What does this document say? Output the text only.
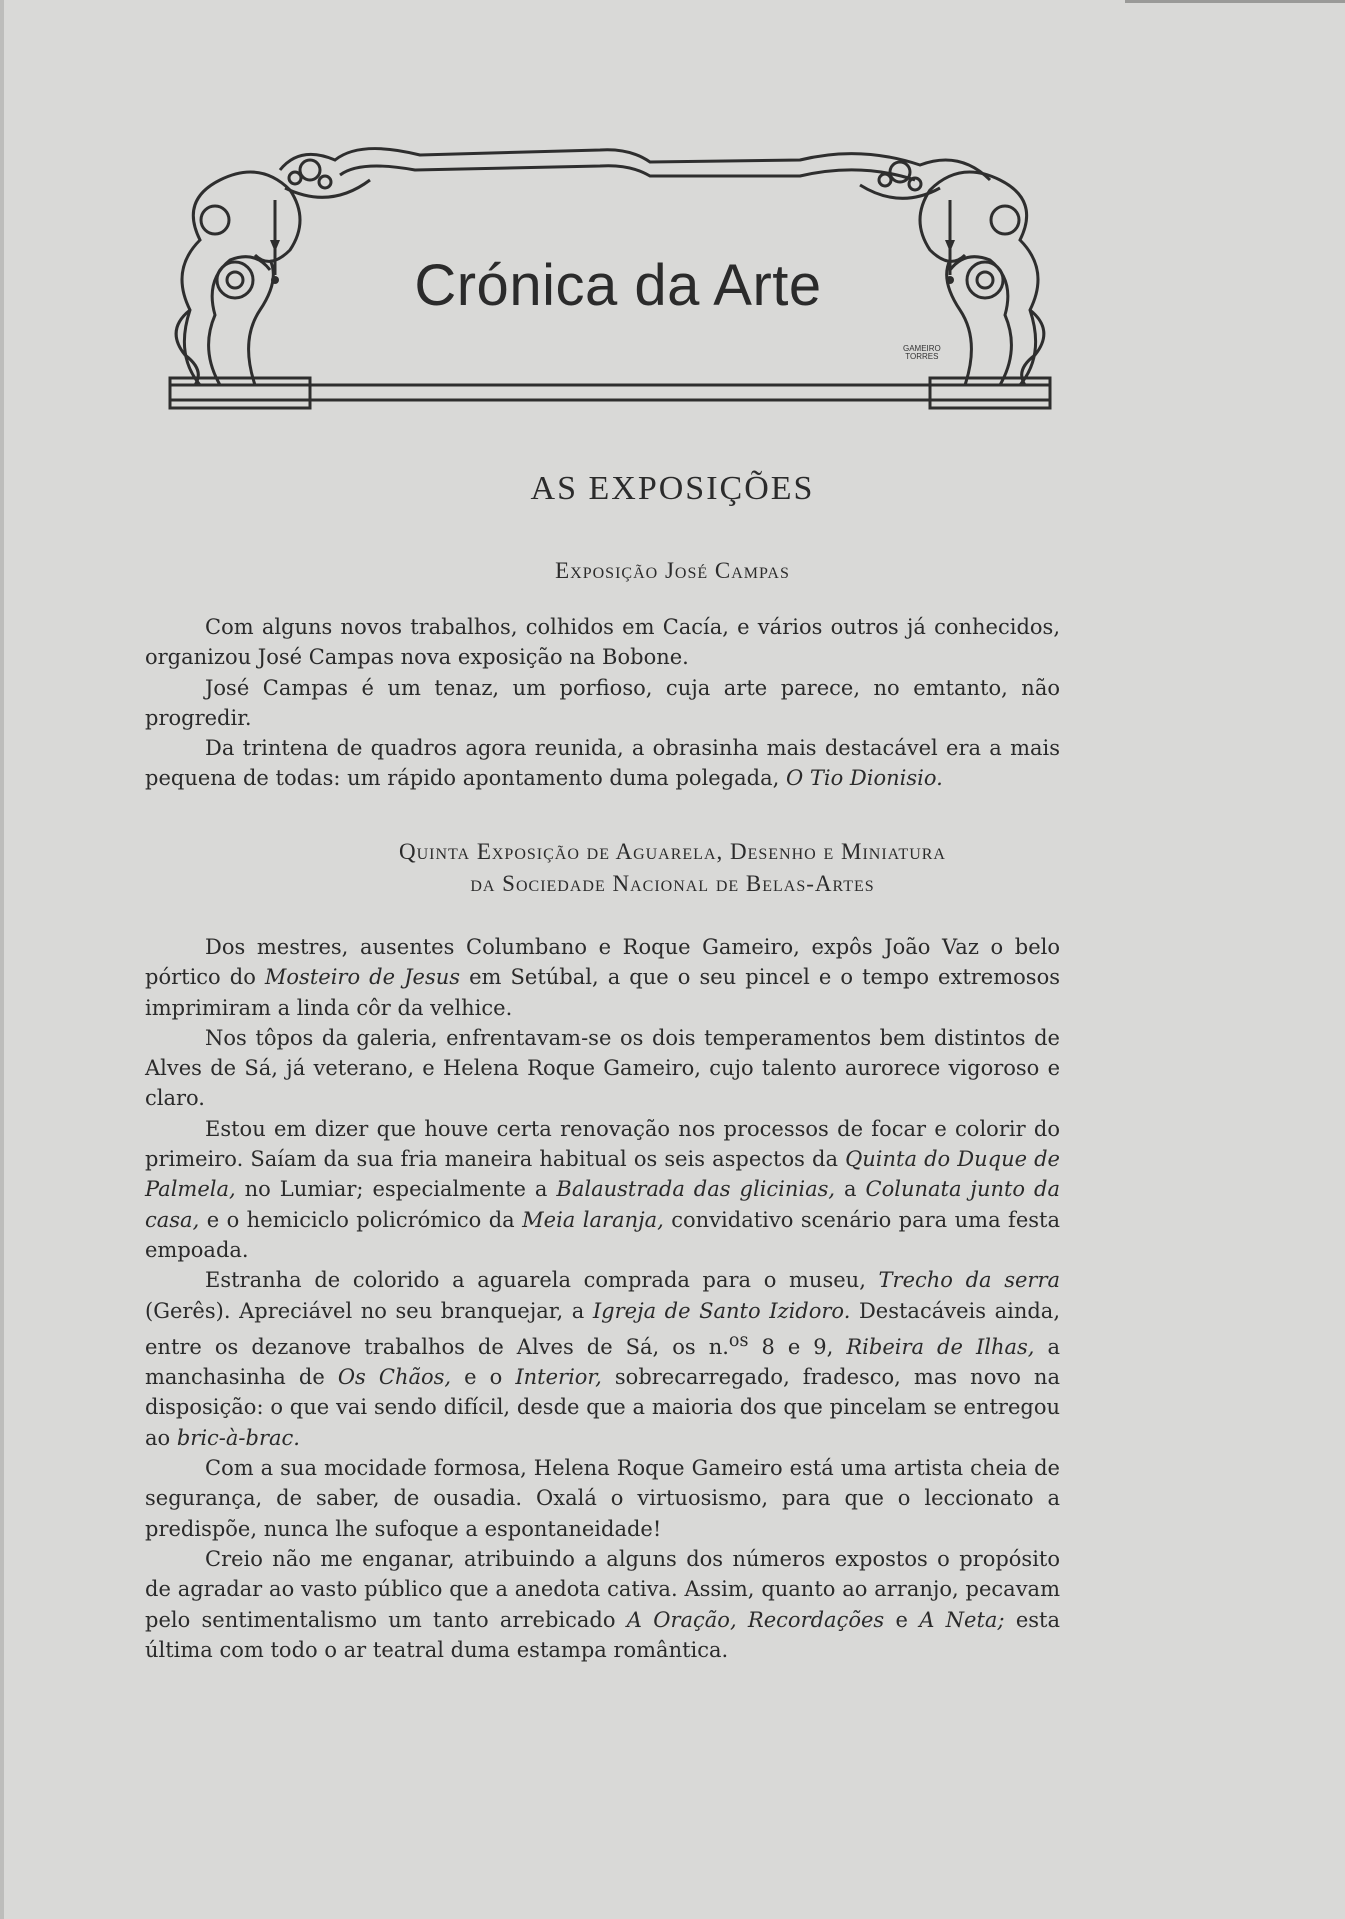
Crónica da Arte
GAMEIRO
TORRES
AS EXPOSIÇÕES
Exposição José Campas

Com alguns novos trabalhos, colhidos em Cacía, e vários outros já conhecidos, organizou José Campas nova exposição na Bobone.

José Campas é um tenaz, um porfioso, cuja arte parece, no emtanto, não progredir.

Da trintena de quadros agora reunida, a obrasinha mais destacável era a mais pequena de todas: um rápido apontamento duma polegada, O Tio Dionisio.

Quinta Exposição de Aguarela, Desenho e Miniatura
da Sociedade Nacional de Belas-Artes

Dos mestres, ausentes Columbano e Roque Gameiro, expôs João Vaz o belo pórtico do Mosteiro de Jesus em Setúbal, a que o seu pincel e o tempo extremosos imprimiram a linda côr da velhice.

Nos tôpos da galeria, enfrentavam-se os dois temperamentos bem distintos de Alves de Sá, já veterano, e Helena Roque Gameiro, cujo talento aurorece vigoroso e claro.

Estou em dizer que houve certa renovação nos processos de focar e colorir do primeiro. Saíam da sua fria maneira habitual os seis aspectos da Quinta do Duque de Palmela, no Lumiar; especialmente a Balaustrada das glicinias, a Colunata junto da casa, e o hemiciclo policrómico da Meia laranja, convidativo scenário para uma festa empoada.

Estranha de colorido a aguarela comprada para o museu, Trecho da serra (Gerês). Apreciável no seu branquejar, a Igreja de Santo Izidoro. Destacáveis ainda, entre os dezanove trabalhos de Alves de Sá, os n.$^{os}$ 8 e 9, Ribeira de Ilhas, a manchasinha de Os Chãos, e o Interior, sobrecarregado, fradesco, mas novo na disposição: o que vai sendo difícil, desde que a maioria dos que pincelam se entregou ao bric-à-brac.

Com a sua mocidade formosa, Helena Roque Gameiro está uma artista cheia de segurança, de saber, de ousadia. Oxalá o virtuosismo, para que o leccionato a predispõe, nunca lhe sufoque a espontaneidade!

Creio não me enganar, atribuindo a alguns dos números expostos o propósito de agradar ao vasto público que a anedota cativa. Assim, quanto ao arranjo, pecavam pelo sentimentalismo um tanto arrebicado A Oração, Recordações e A Neta; esta última com todo o ar teatral duma estampa romântica.
